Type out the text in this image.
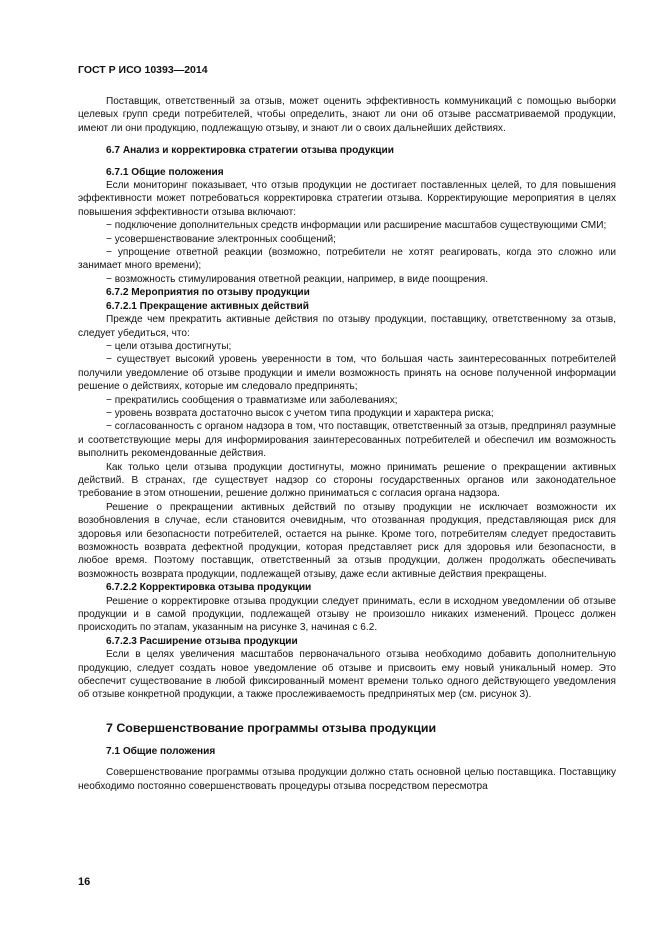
ГОСТ Р ИСО 10393—2014

Поставщик, ответственный за отзыв, может оценить эффективность коммуникаций с помощью выборки целевых групп среди потребителей, чтобы определить, знают ли они об отзыве рассматриваемой продукции, имеют ли они продукцию, подлежащую отзыву, и знают ли о своих дальнейших действиях.

6.7 Анализ и корректировка стратегии отзыва продукции

6.7.1 Общие положения

Если мониторинг показывает, что отзыв продукции не достигает поставленных целей, то для повышения эффективности может потребоваться корректировка стратегии отзыва. Корректирующие мероприятия в целях повышения эффективности отзыва включают:

− подключение дополнительных средств информации или расширение масштабов существующими СМИ;

− усовершенствование электронных сообщений;

− упрощение ответной реакции (возможно, потребители не хотят реагировать, когда это сложно или занимает много времени);

− возможность стимулирования ответной реакции, например, в виде поощрения.

6.7.2 Мероприятия по отзыву продукции

6.7.2.1 Прекращение активных действий

Прежде чем прекратить активные действия по отзыву продукции, поставщику, ответственному за отзыв, следует убедиться, что:

− цели отзыва достигнуты;

− существует высокий уровень уверенности в том, что большая часть заинтересованных потребителей получили уведомление об отзыве продукции и имели возможность принять на основе полученной информации решение о действиях, которые им следовало предпринять;

− прекратились сообщения о травматизме или заболеваниях;

− уровень возврата достаточно высок с учетом типа продукции и характера риска;

− согласованность с органом надзора в том, что поставщик, ответственный за отзыв, предпринял разумные и соответствующие меры для информирования заинтересованных потребителей и обеспечил им возможность выполнить рекомендованные действия.

Как только цели отзыва продукции достигнуты, можно принимать решение о прекращении активных действий. В странах, где существует надзор со стороны государственных органов или законодательное требование в этом отношении, решение должно приниматься с согласия органа надзора.

Решение о прекращении активных действий по отзыву продукции не исключает возможности их возобновления в случае, если становится очевидным, что отозванная продукция, представляющая риск для здоровья или безопасности потребителей, остается на рынке. Кроме того, потребителям следует предоставить возможность возврата дефектной продукции, которая представляет риск для здоровья или безопасности, в любое время. Поэтому поставщик, ответственный за отзыв продукции, должен продолжать обеспечивать возможность возврата продукции, подлежащей отзыву, даже если активные действия прекращены.

6.7.2.2 Корректировка отзыва продукции

Решение о корректировке отзыва продукции следует принимать, если в исходном уведомлении об отзыве продукции и в самой продукции, подлежащей отзыву не произошло никаких изменений. Процесс должен происходить по этапам, указанным на рисунке 3, начиная с 6.2.

6.7.2.3 Расширение отзыва продукции

Если в целях увеличения масштабов первоначального отзыва необходимо добавить дополнительную продукцию, следует создать новое уведомление об отзыве и присвоить ему новый уникальный номер. Это обеспечит существование в любой фиксированный момент времени только одного действующего уведомления об отзыве конкретной продукции, а также прослеживаемость предпринятых мер (см. рисунок 3).

7 Совершенствование программы отзыва продукции

7.1 Общие положения

Совершенствование программы отзыва продукции должно стать основной целью поставщика. Поставщику необходимо постоянно совершенствовать процедуры отзыва посредством пересмотра

16
